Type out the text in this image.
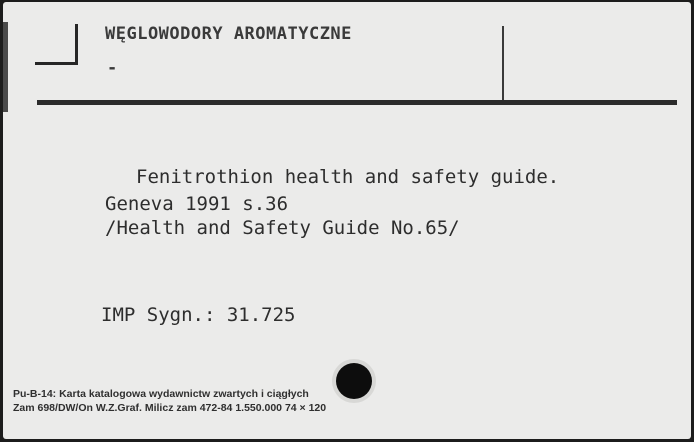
WĘGLOWODORY AROMATYCZNE
-
Fenitrothion health and safety guide.
Geneva 1991 s.36
/Health and Safety Guide No.65/
IMP Sygn.: 31.725
Pu-B-14: Karta katalogowa wydawnictw zwartych i ciągłych
Zam 698/DW/On W.Z.Graf. Milicz zam 472-84 1.550.000 74 × 120
